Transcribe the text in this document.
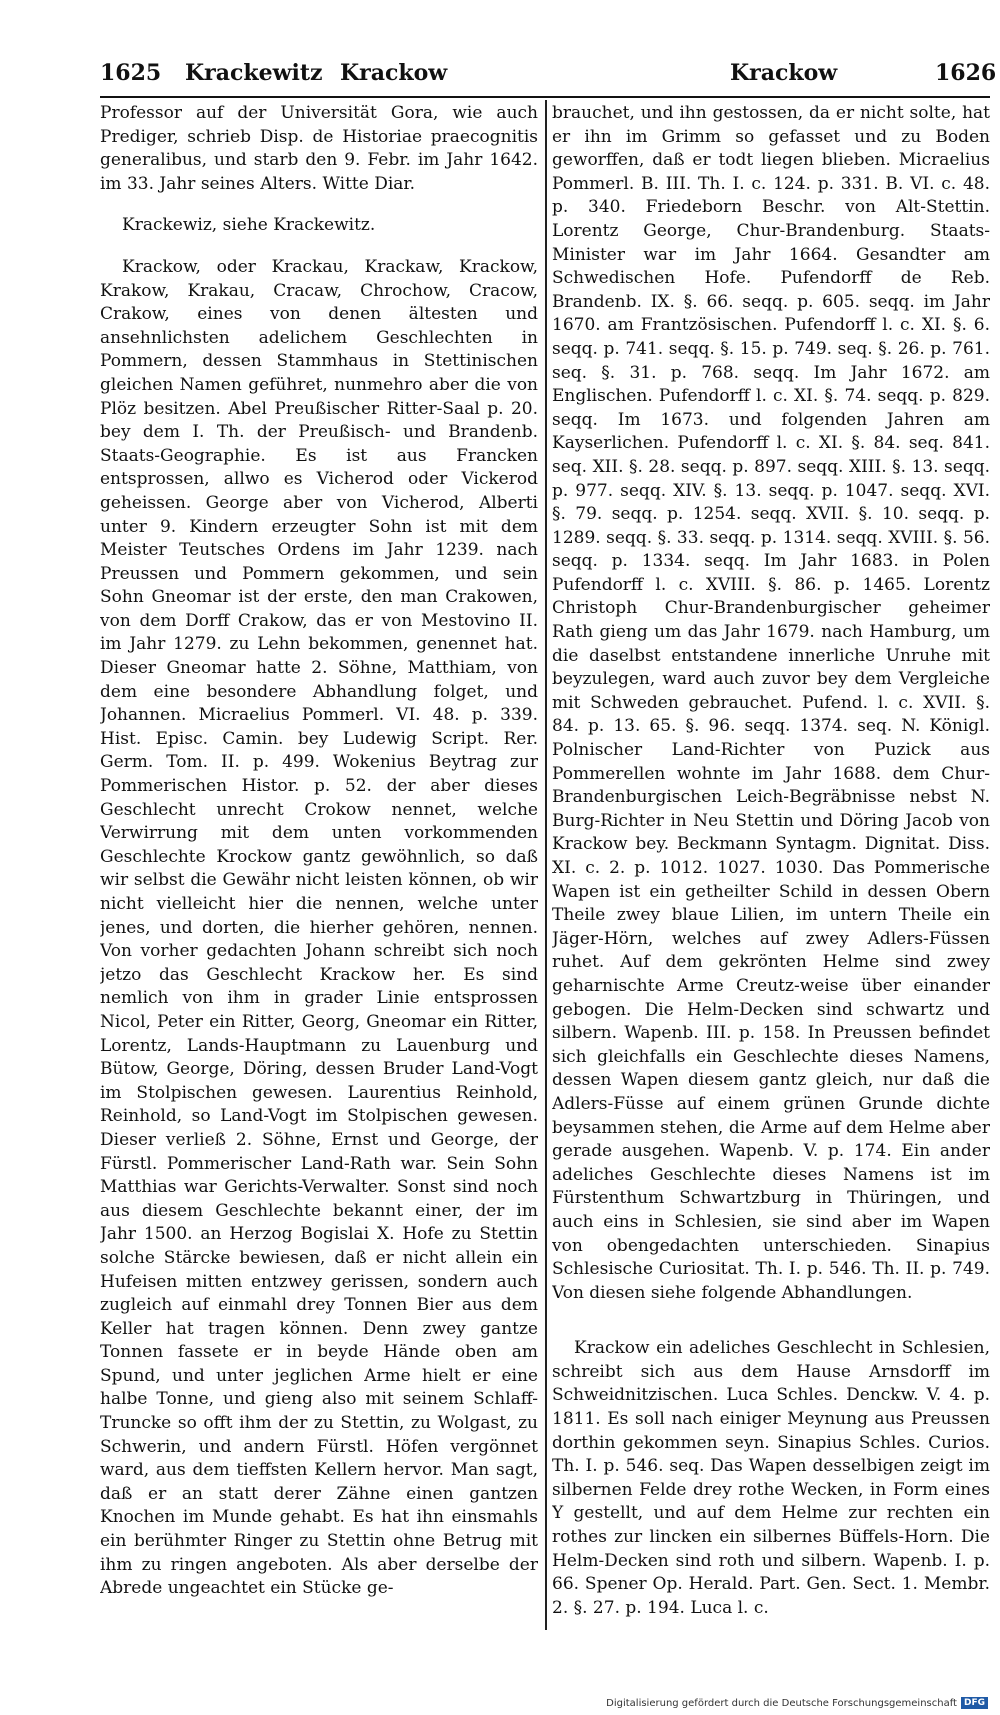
1625 Krackewitz Krackow	Krackow	1626

Professor auf der Universität Gora, wie auch Prediger, schrieb Disp. de Historiae praecognitis generalibus, und starb den 9. Febr. im Jahr 1642. im 33. Jahr seines Alters. Witte Diar.

Krackewiz, siehe Krackewitz.

Krackow, oder Krackau, Krackaw, Krackow, Krakow, Krakau, Cracaw, Chrochow, Cracow, Crakow, eines von denen ältesten und ansehnlichsten adelichem Geschlechten in Pommern, dessen Stammhaus in Stettinischen gleichen Namen geführet, nunmehro aber die von Plöz besitzen. Abel Preußischer Ritter-Saal p. 20. bey dem I. Th. der Preußisch- und Brandenb. Staats-Geographie. Es ist aus Francken entsprossen, allwo es Vicherod oder Vickerod geheissen. George aber von Vicherod, Alberti unter 9. Kindern erzeugter Sohn ist mit dem Meister Teutsches Ordens im Jahr 1239. nach Preussen und Pommern gekommen, und sein Sohn Gneomar ist der erste, den man Crakowen, von dem Dorff Crakow, das er von Mestovino II. im Jahr 1279. zu Lehn bekommen, genennet hat. Dieser Gneomar hatte 2. Söhne, Matthiam, von dem eine besondere Abhandlung folget, und Johannen. Micraelius Pommerl. VI. 48. p. 339. Hist. Episc. Camin. bey Ludewig Script. Rer. Germ. Tom. II. p. 499. Wokenius Beytrag zur Pommerischen Histor. p. 52. der aber dieses Geschlecht unrecht Crokow nennet, welche Verwirrung mit dem unten vorkommenden Geschlechte Krockow gantz gewöhnlich, so daß wir selbst die Gewähr nicht leisten können, ob wir nicht vielleicht hier die nennen, welche unter jenes, und dorten, die hierher gehören, nennen. Von vorher gedachten Johann schreibt sich noch jetzo das Geschlecht Krackow her. Es sind nemlich von ihm in grader Linie entsprossen Nicol, Peter ein Ritter, Georg, Gneomar ein Ritter, Lorentz, Lands-Hauptmann zu Lauenburg und Bütow, George, Döring, dessen Bruder Land-Vogt im Stolpischen gewesen. Laurentius Reinhold, Reinhold, so Land-Vogt im Stolpischen gewesen. Dieser verließ 2. Söhne, Ernst und George, der Fürstl. Pommerischer Land-Rath war. Sein Sohn Matthias war Gerichts-Verwalter. Sonst sind noch aus diesem Geschlechte bekannt einer, der im Jahr 1500. an Herzog Bogislai X. Hofe zu Stettin solche Stärcke bewiesen, daß er nicht allein ein Hufeisen mitten entzwey gerissen, sondern auch zugleich auf einmahl drey Tonnen Bier aus dem Keller hat tragen können. Denn zwey gantze Tonnen fassete er in beyde Hände oben am Spund, und unter jeglichen Arme hielt er eine halbe Tonne, und gieng also mit seinem Schlaff-Truncke so offt ihm der zu Stettin, zu Wolgast, zu Schwerin, und andern Fürstl. Höfen vergönnet ward, aus dem tieffsten Kellern hervor. Man sagt, daß er an statt derer Zähne einen gantzen Knochen im Munde gehabt. Es hat ihn einsmahls ein berühmter Ringer zu Stettin ohne Betrug mit ihm zu ringen angeboten. Als aber derselbe der Abrede ungeachtet ein Stücke ge-

brauchet, und ihn gestossen, da er nicht solte, hat er ihn im Grimm so gefasset und zu Boden geworffen, daß er todt liegen blieben. Micraelius Pommerl. B. III. Th. I. c. 124. p. 331. B. VI. c. 48. p. 340. Friedeborn Beschr. von Alt-Stettin. Lorentz George, Chur-Brandenburg. Staats-Minister war im Jahr 1664. Gesandter am Schwedischen Hofe. Pufendorff de Reb. Brandenb. IX. §. 66. seqq. p. 605. seqq. im Jahr 1670. am Frantzösischen. Pufendorff l. c. XI. §. 6. seqq. p. 741. seqq. §. 15. p. 749. seq. §. 26. p. 761. seq. §. 31. p. 768. seqq. Im Jahr 1672. am Englischen. Pufendorff l. c. XI. §. 74. seqq. p. 829. seqq. Im 1673. und folgenden Jahren am Kayserlichen. Pufendorff l. c. XI. §. 84. seq. 841. seq. XII. §. 28. seqq. p. 897. seqq. XIII. §. 13. seqq. p. 977. seqq. XIV. §. 13. seqq. p. 1047. seqq. XVI. §. 79. seqq. p. 1254. seqq. XVII. §. 10. seqq. p. 1289. seqq. §. 33. seqq. p. 1314. seqq. XVIII. §. 56. seqq. p. 1334. seqq. Im Jahr 1683. in Polen Pufendorff l. c. XVIII. §. 86. p. 1465. Lorentz Christoph Chur-Brandenburgischer geheimer Rath gieng um das Jahr 1679. nach Hamburg, um die daselbst entstandene innerliche Unruhe mit beyzulegen, ward auch zuvor bey dem Vergleiche mit Schweden gebrauchet. Pufend. l. c. XVII. §. 84. p. 13. 65. §. 96. seqq. 1374. seq. N. Königl. Polnischer Land-Richter von Puzick aus Pommerellen wohnte im Jahr 1688. dem Chur-Brandenburgischen Leich-Begräbnisse nebst N. Burg-Richter in Neu Stettin und Döring Jacob von Krackow bey. Beckmann Syntagm. Dignitat. Diss. XI. c. 2. p. 1012. 1027. 1030. Das Pommerische Wapen ist ein getheilter Schild in dessen Obern Theile zwey blaue Lilien, im untern Theile ein Jäger-Hörn, welches auf zwey Adlers-Füssen ruhet. Auf dem gekrönten Helme sind zwey geharnischte Arme Creutz-weise über einander gebogen. Die Helm-Decken sind schwartz und silbern. Wapenb. III. p. 158. In Preussen befindet sich gleichfalls ein Geschlechte dieses Namens, dessen Wapen diesem gantz gleich, nur daß die Adlers-Füsse auf einem grünen Grunde dichte beysammen stehen, die Arme auf dem Helme aber gerade ausgehen. Wapenb. V. p. 174. Ein ander adeliches Geschlechte dieses Namens ist im Fürstenthum Schwartzburg in Thüringen, und auch eins in Schlesien, sie sind aber im Wapen von obengedachten unterschieden. Sinapius Schlesische Curiositat. Th. I. p. 546. Th. II. p. 749. Von diesen siehe folgende Abhandlungen.

Krackow ein adeliches Geschlecht in Schlesien, schreibt sich aus dem Hause Arnsdorff im Schweidnitzischen. Luca Schles. Denckw. V. 4. p. 1811. Es soll nach einiger Meynung aus Preussen dorthin gekommen seyn. Sinapius Schles. Curios. Th. I. p. 546. seq. Das Wapen desselbigen zeigt im silbernen Felde drey rothe Wecken, in Form eines Y gestellt, und auf dem Helme zur rechten ein rothes zur lincken ein silbernes Büffels-Horn. Die Helm-Decken sind roth und silbern. Wapenb. I. p. 66. Spener Op. Herald. Part. Gen. Sect. 1. Membr. 2. §. 27. p. 194. Luca l. c.

Digitalisierung gefördert durch die Deutsche Forschungsgemeinschaft DFG
